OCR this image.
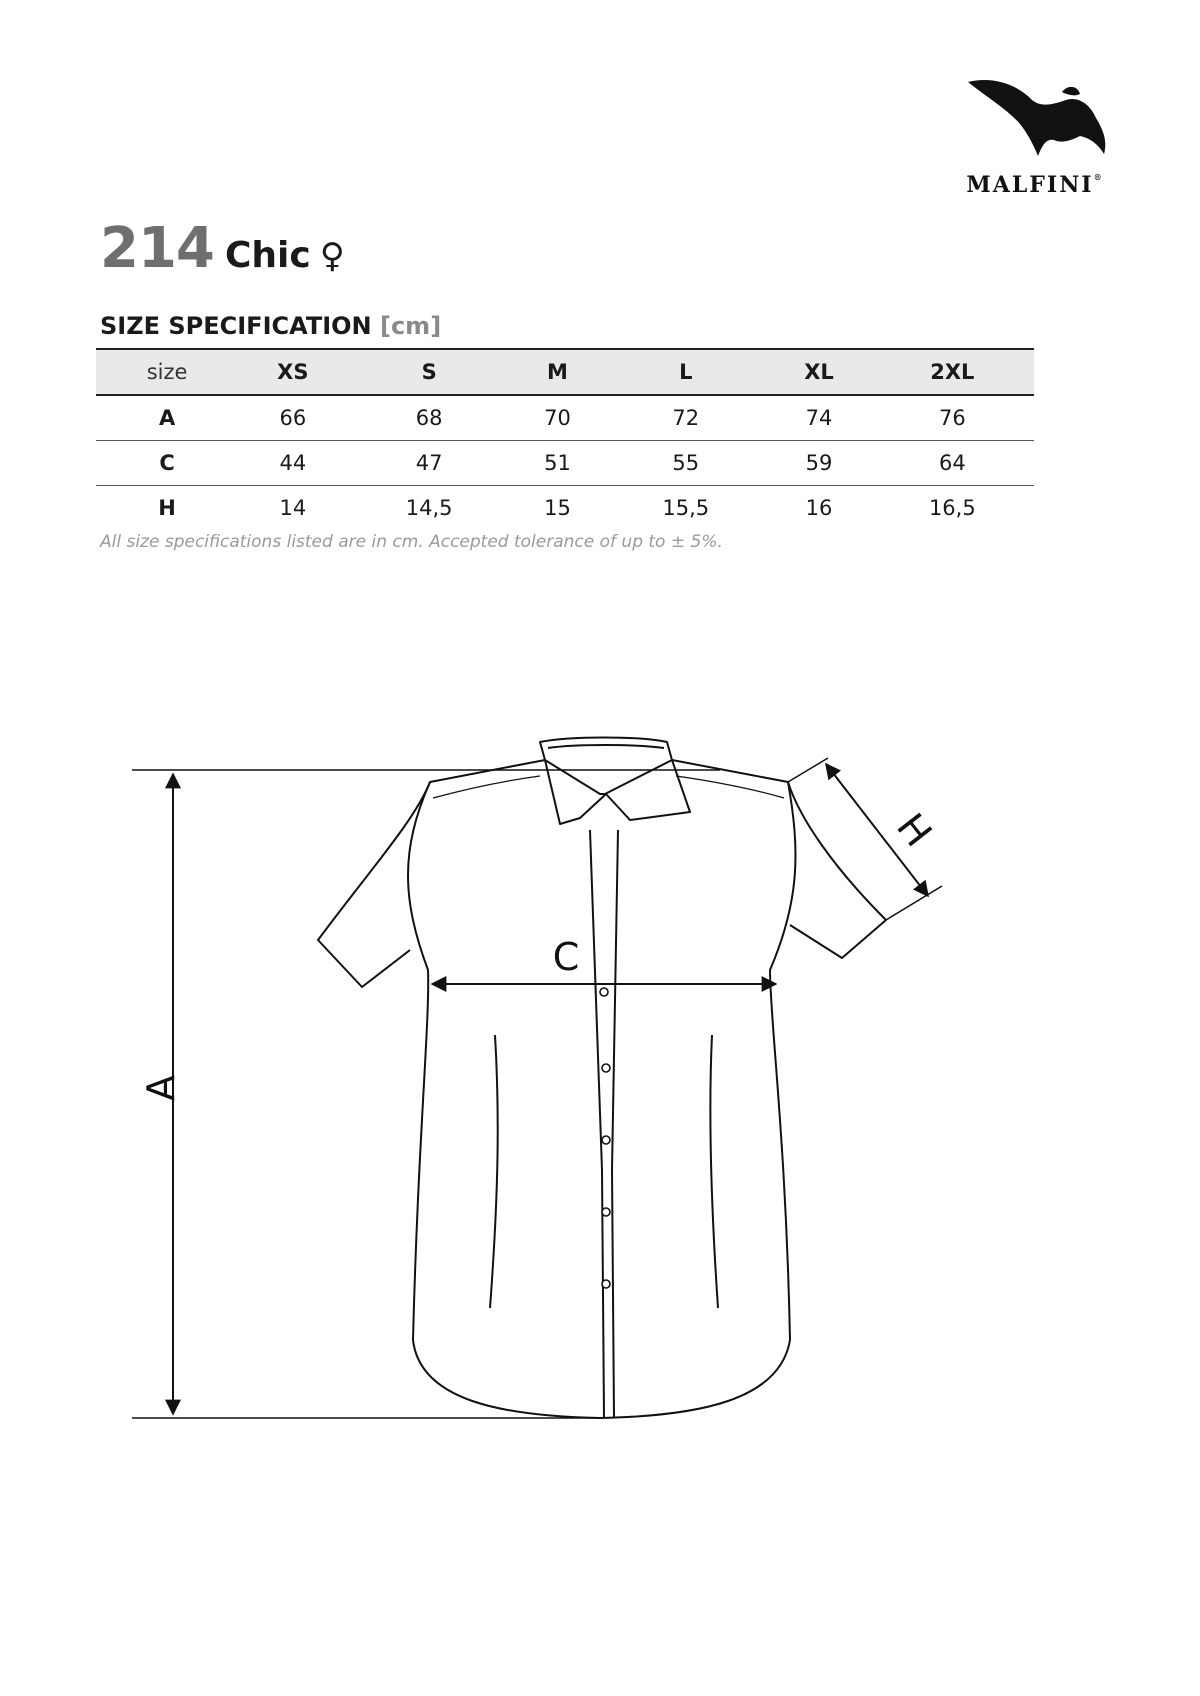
MALFINI®
214 Chic ♀
SIZE SPECIFICATION [cm]
size	XS	S	M	L	XL	2XL
A	66	68	70	72	74	76
C	44	47	51	55	59	64
H	14	14,5	15	15,5	16	16,5
All size specifications listed are in cm. Accepted tolerance of up to ± 5%.
A
C
H
